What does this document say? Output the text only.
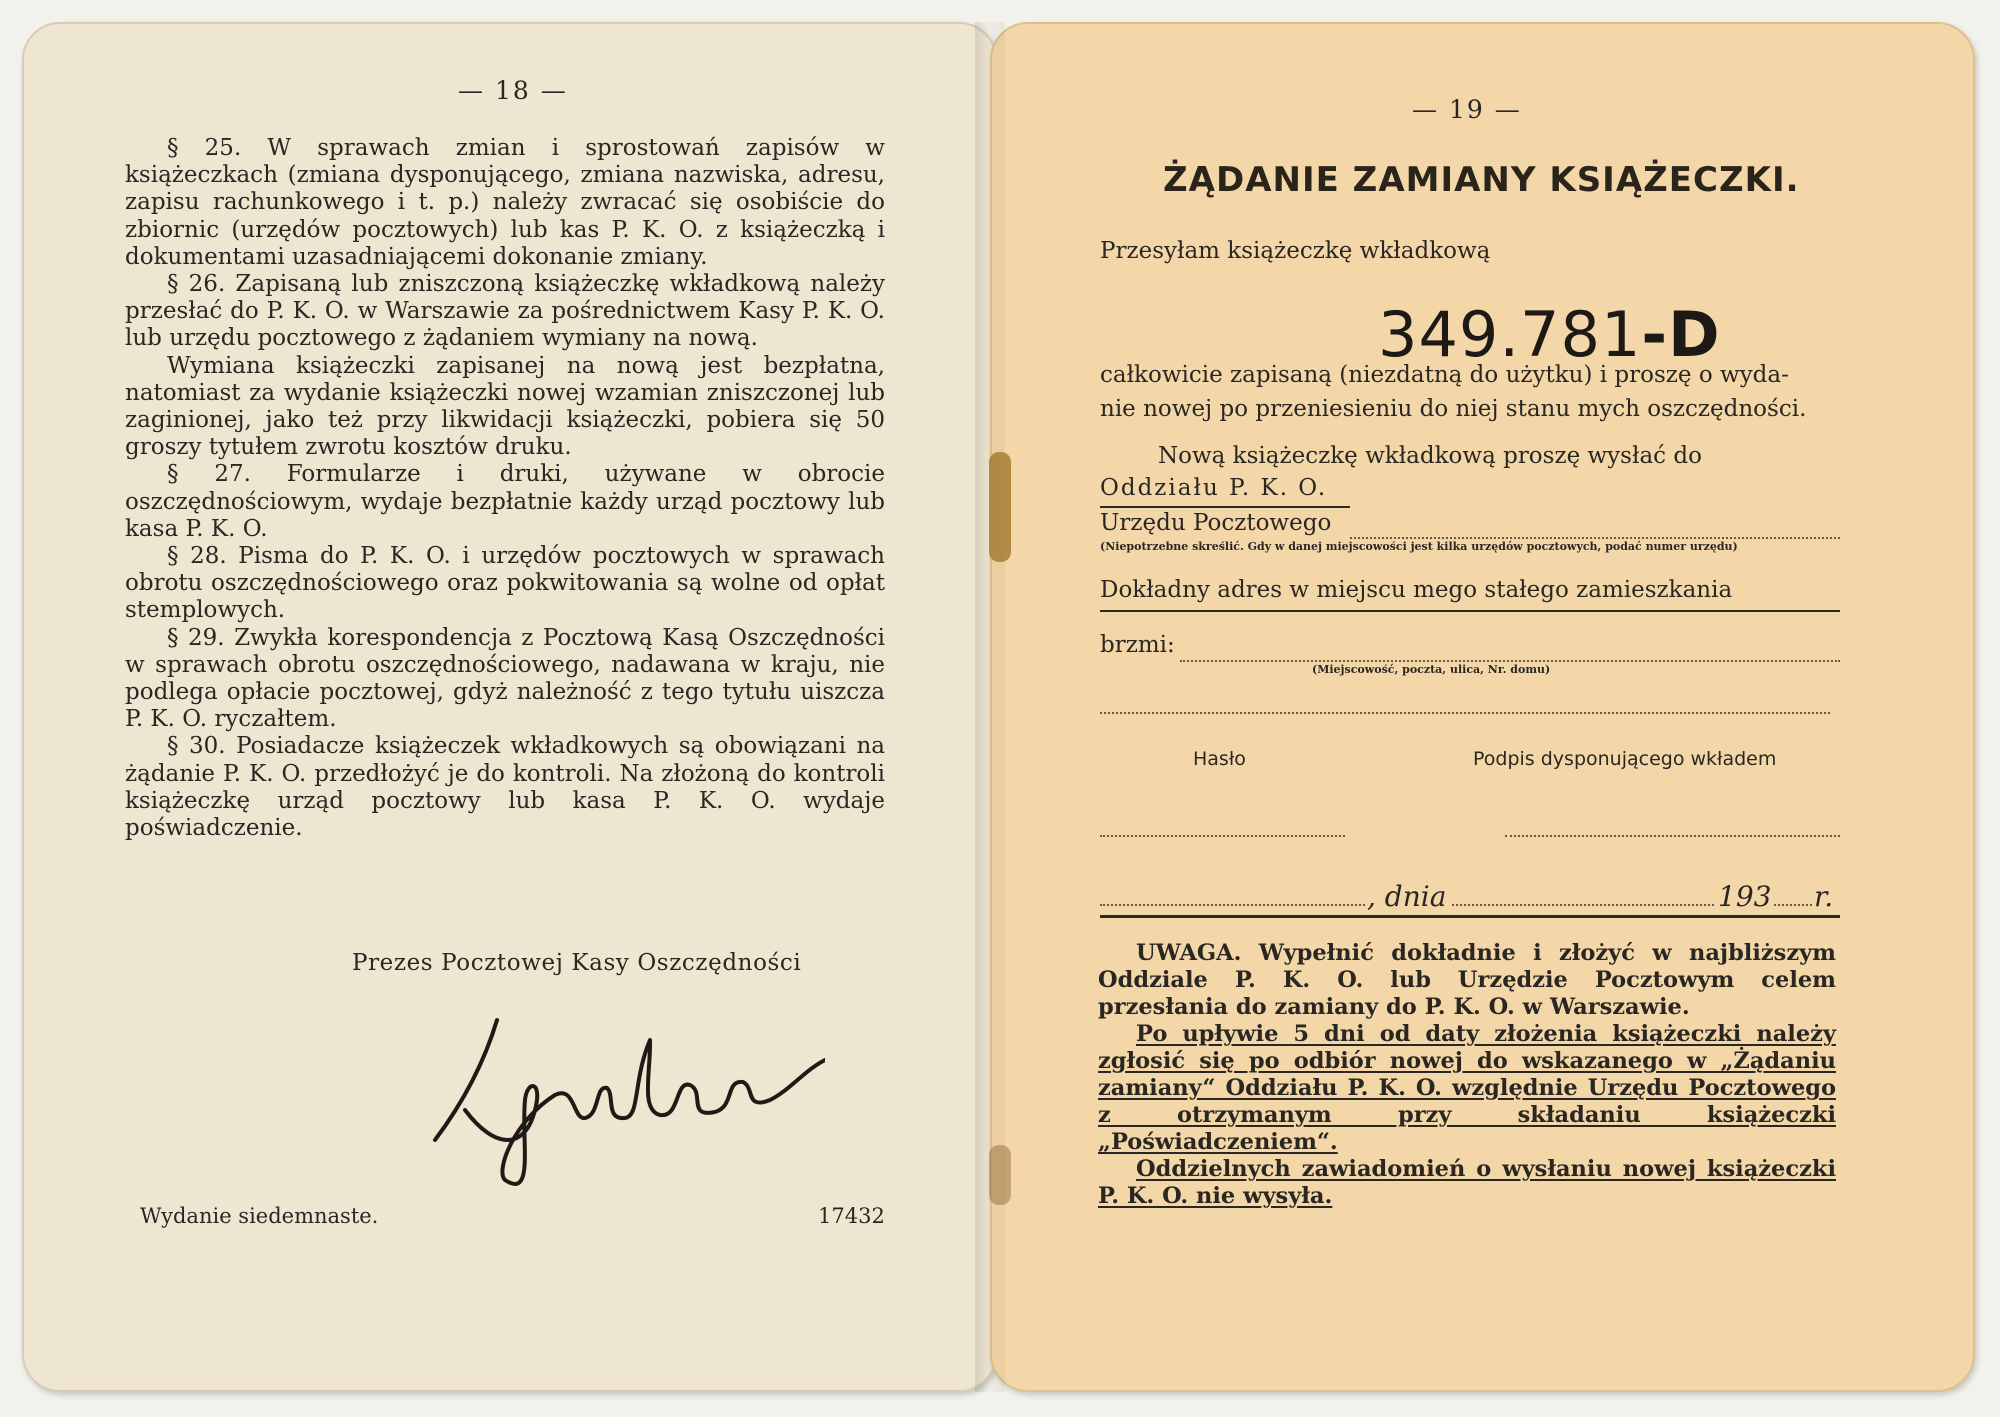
— 18 —

§ 25. W sprawach zmian i sprostowań zapisów w książeczkach (zmiana dysponującego, zmiana nazwiska, adresu, zapisu rachunkowego i t. p.) należy zwracać się osobiście do zbiornic (urzędów pocztowych) lub kas P. K. O. z książeczką i dokumentami uzasadniającemi dokonanie zmiany.

§ 26. Zapisaną lub zniszczoną książeczkę wkładkową należy przesłać do P. K. O. w Warszawie za pośrednictwem Kasy P. K. O. lub urzędu pocztowego z żądaniem wymiany na nową.

Wymiana książeczki zapisanej na nową jest bezpłatna, natomiast za wydanie książeczki nowej wzamian zniszczonej lub zaginionej, jako też przy likwidacji książeczki, pobiera się 50 groszy tytułem zwrotu kosztów druku.

§ 27. Formularze i druki, używane w obrocie oszczędnościowym, wydaje bezpłatnie każdy urząd pocztowy lub kasa P. K. O.

§ 28. Pisma do P. K. O. i urzędów pocztowych w sprawach obrotu oszczędnościowego oraz pokwitowania są wolne od opłat stemplowych.

§ 29. Zwykła korespondencja z Pocztową Kasą Oszczędności w sprawach obrotu oszczędnościowego, nadawana w kraju, nie podlega opłacie pocztowej, gdyż należność z tego tytułu uiszcza P. K. O. ryczałtem.

§ 30. Posiadacze książeczek wkładkowych są obowiązani na żądanie P. K. O. przedłożyć je do kontroli. Na złożoną do kontroli książeczkę urząd pocztowy lub kasa P. K. O. wydaje poświadczenie.

Prezes Pocztowej Kasy Oszczędności
Wydanie siedemnaste.	17432
— 19 —
ŻĄDANIE ZAMIANY KSIĄŻECZKI.
Przesyłam książeczkę wkładkową
349.781-D
całkowicie zapisaną (niezdatną do użytku) i proszę o wyda-
nie nowej po przeniesieniu do niej stanu mych oszczędności.
Nową książeczkę wkładkową proszę wysłać do
Oddziału P. K. O.
Urzędu Pocztowego
(Niepotrzebne skreślić. Gdy w danej miejscowości jest kilka urzędów pocztowych, podać numer urzędu)
Dokładny adres w miejscu mego stałego zamieszkania
brzmi:
(Miejscowość, poczta, ulica, Nr. domu)
Hasło	Podpis dysponującego wkładem
, dnia	193 r.

UWAGA. Wypełnić dokładnie i złożyć w najbliższym Oddziale P. K. O. lub Urzędzie Pocztowym celem przesłania do zamiany do P. K. O. w Warszawie.

Po upływie 5 dni od daty złożenia książeczki należy zgłosić się po odbiór nowej do wskazanego w „Żądaniu zamiany“ Oddziału P. K. O. względnie Urzędu Pocztowego z otrzymanym przy składaniu książeczki „Poświadczeniem“.

Oddzielnych zawiadomień o wysłaniu nowej książeczki P. K. O. nie wysyła.
